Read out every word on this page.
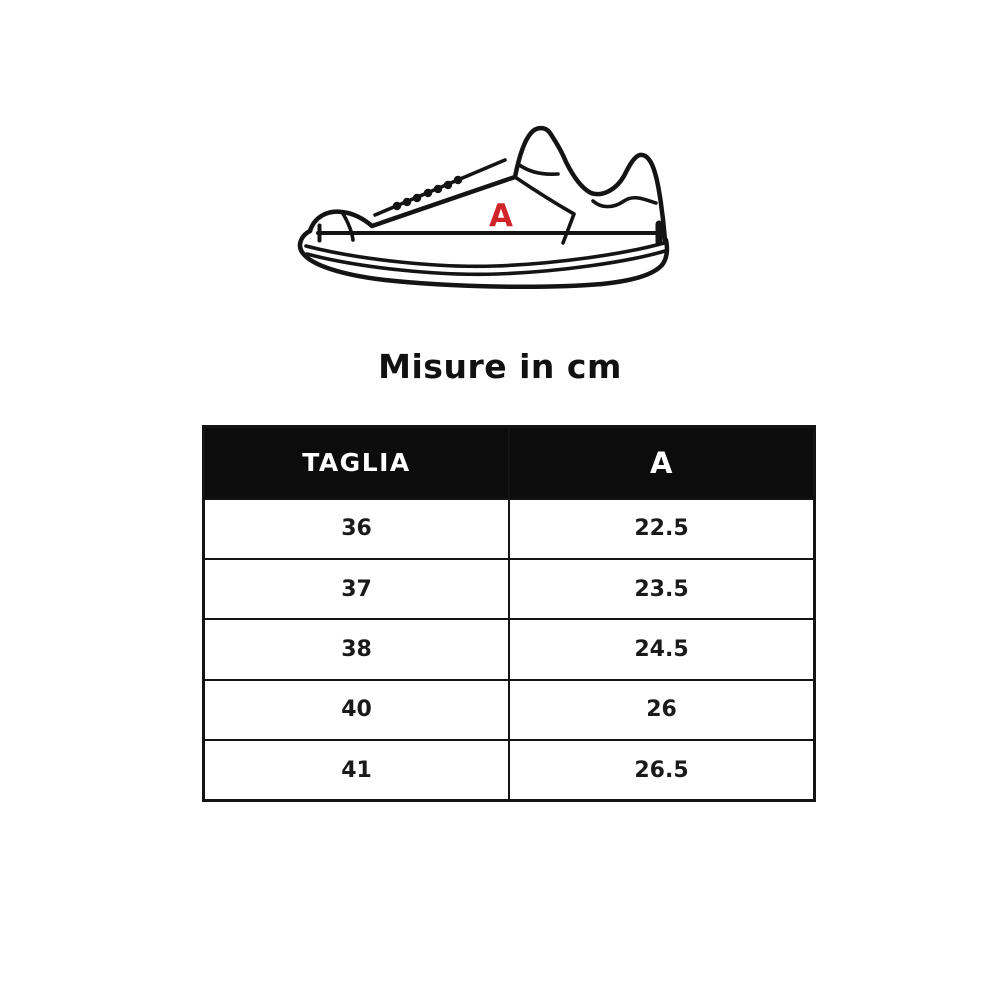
A
Misure in cm
TAGLIA	A
36	22.5
37	23.5
38	24.5
40	26
41	26.5
